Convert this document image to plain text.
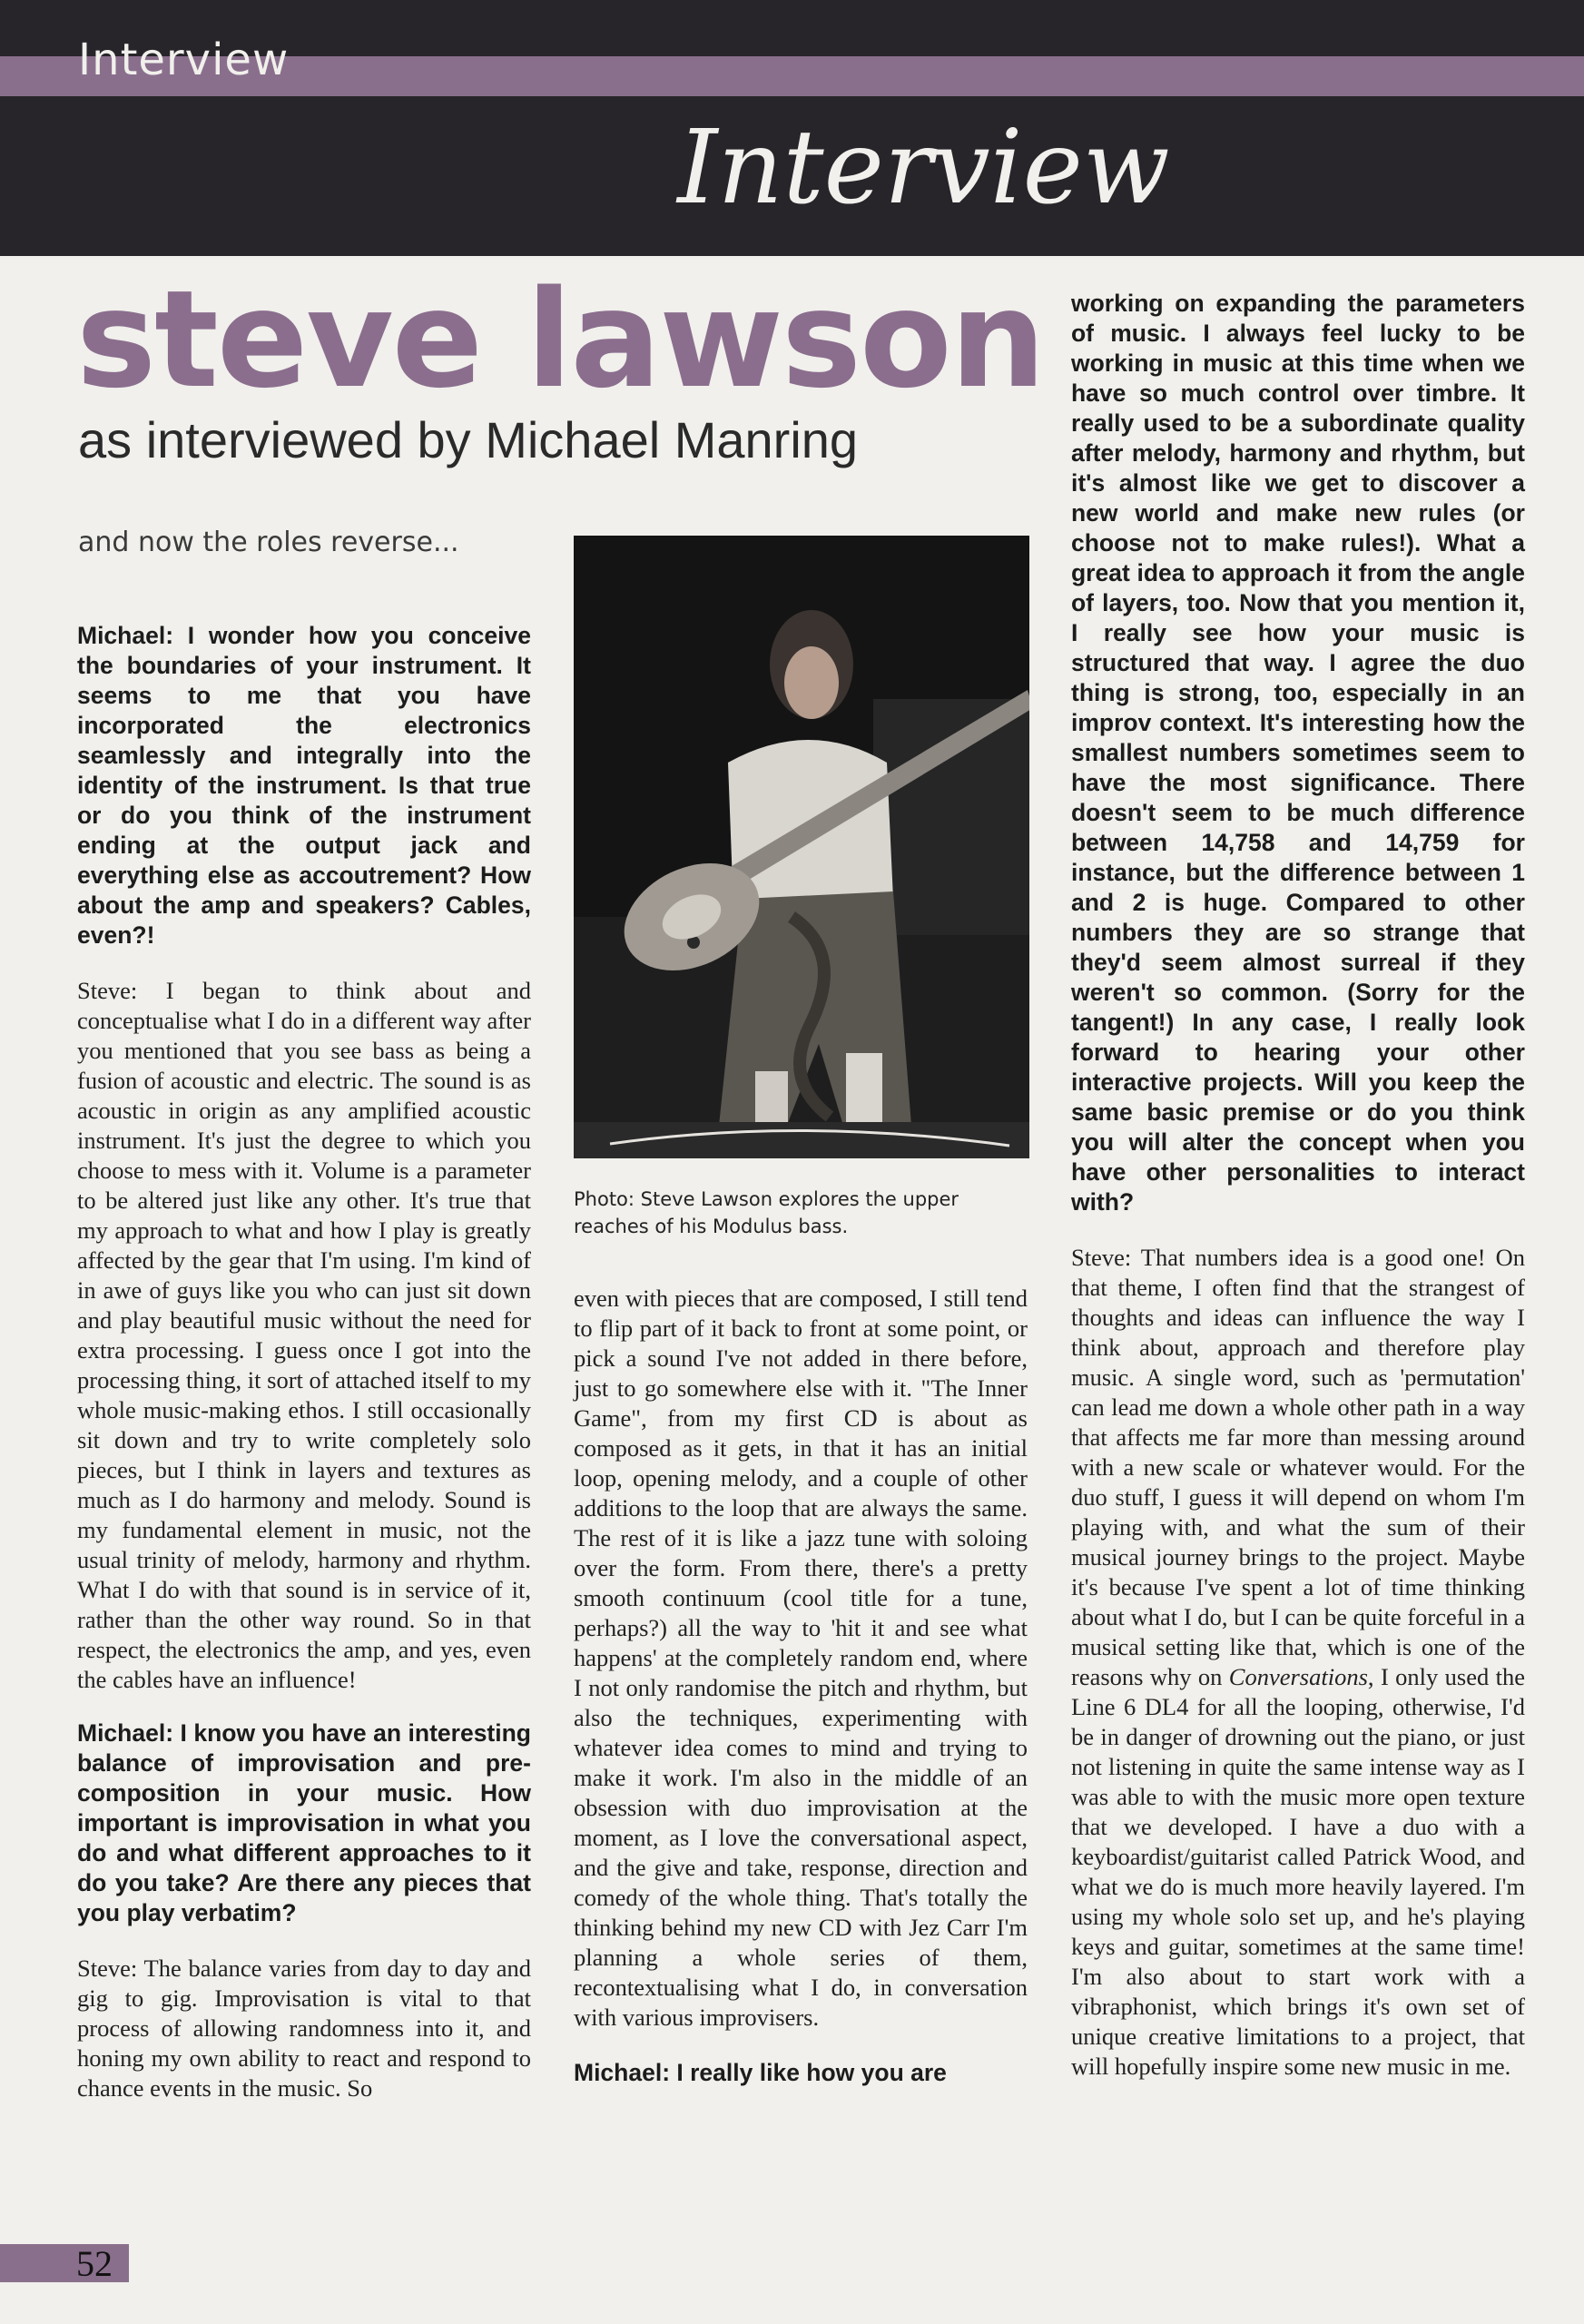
Interview
Interview
steve lawson
as interviewed by Michael Manring
and now the roles reverse...

Michael: I wonder how you conceive the boundaries of your instrument. It seems to me that you have incorporated the electronics seamlessly and integrally into the identity of the instrument. Is that true or do you think of the instrument ending at the output jack and everything else as accoutrement? How about the amp and speakers? Cables, even?!

Steve: I began to think about and conceptualise what I do in a different way after you mentioned that you see bass as being a fusion of acoustic and electric. The sound is as acoustic in origin as any amplified acoustic instrument. It's just the degree to which you choose to mess with it. Volume is a parameter to be altered just like any other. It's true that my approach to what and how I play is greatly affected by the gear that I'm using. I'm kind of in awe of guys like you who can just sit down and play beautiful music without the need for extra processing. I guess once I got into the processing thing, it sort of attached itself to my whole music-making ethos. I still occasionally sit down and try to write completely solo pieces, but I think in layers and textures as much as I do harmony and melody. Sound is my fundamental element in music, not the usual trinity of melody, harmony and rhythm. What I do with that sound is in service of it, rather than the other way round. So in that respect, the electronics the amp, and yes, even the cables have an influence!

Michael: I know you have an interesting balance of improvisation and pre-composition in your music. How important is improvisation in what you do and what different approaches to it do you take? Are there any pieces that you play verbatim?

Steve: The balance varies from day to day and gig to gig. Improvisation is vital to that process of allowing randomness into it, and honing my own ability to react and respond to chance events in the music. So

Photo: Steve Lawson explores the upper reaches of his Modulus bass.

even with pieces that are composed, I still tend to flip part of it back to front at some point, or pick a sound I've not added in there before, just to go somewhere else with it. "The Inner Game", from my first CD is about as composed as it gets, in that it has an initial loop, opening melody, and a couple of other additions to the loop that are always the same. The rest of it is like a jazz tune with soloing over the form. From there, there's a pretty smooth continuum (cool title for a tune, perhaps?) all the way to 'hit it and see what happens' at the completely random end, where I not only randomise the pitch and rhythm, but also the techniques, experimenting with whatever idea comes to mind and trying to make it work. I'm also in the middle of an obsession with duo improvisation at the moment, as I love the conversational aspect, and the give and take, response, direction and comedy of the whole thing. That's totally the thinking behind my new CD with Jez Carr I'm planning a whole series of them, recontextualising what I do, in conversation with various improvisers.

Michael: I really like how you are

working on expanding the parameters of music. I always feel lucky to be working in music at this time when we have so much control over timbre. It really used to be a subordinate quality after melody, harmony and rhythm, but it's almost like we get to discover a new world and make new rules (or choose not to make rules!). What a great idea to approach it from the angle of layers, too. Now that you mention it, I really see how your music is structured that way. I agree the duo thing is strong, too, especially in an improv context. It's interesting how the smallest numbers sometimes seem to have the most significance. There doesn't seem to be much difference between 14,758 and 14,759 for instance, but the difference between 1 and 2 is huge. Compared to other numbers they are so strange that they'd seem almost surreal if they weren't so common. (Sorry for the tangent!) In any case, I really look forward to hearing your other interactive projects. Will you keep the same basic premise or do you think you will alter the concept when you have other personalities to interact with?

Steve: That numbers idea is a good one! On that theme, I often find that the strangest of thoughts and ideas can influence the way I think about, approach and therefore play music. A single word, such as 'permutation' can lead me down a whole other path in a way that affects me far more than messing around with a new scale or whatever would. For the duo stuff, I guess it will depend on whom I'm playing with, and what the sum of their musical journey brings to the project. Maybe it's because I've spent a lot of time thinking about what I do, but I can be quite forceful in a musical setting like that, which is one of the reasons why on Conversations, I only used the Line 6 DL4 for all the looping, otherwise, I'd be in danger of drowning out the piano, or just not listening in quite the same intense way as I was able to with the music more open texture that we developed. I have a duo with a keyboardist/guitarist called Patrick Wood, and what we do is much more heavily layered. I'm using my whole solo set up, and he's playing keys and guitar, sometimes at the same time! I'm also about to start work with a vibraphonist, which brings it's own set of unique creative limitations to a project, that will hopefully inspire some new music in me.

52
